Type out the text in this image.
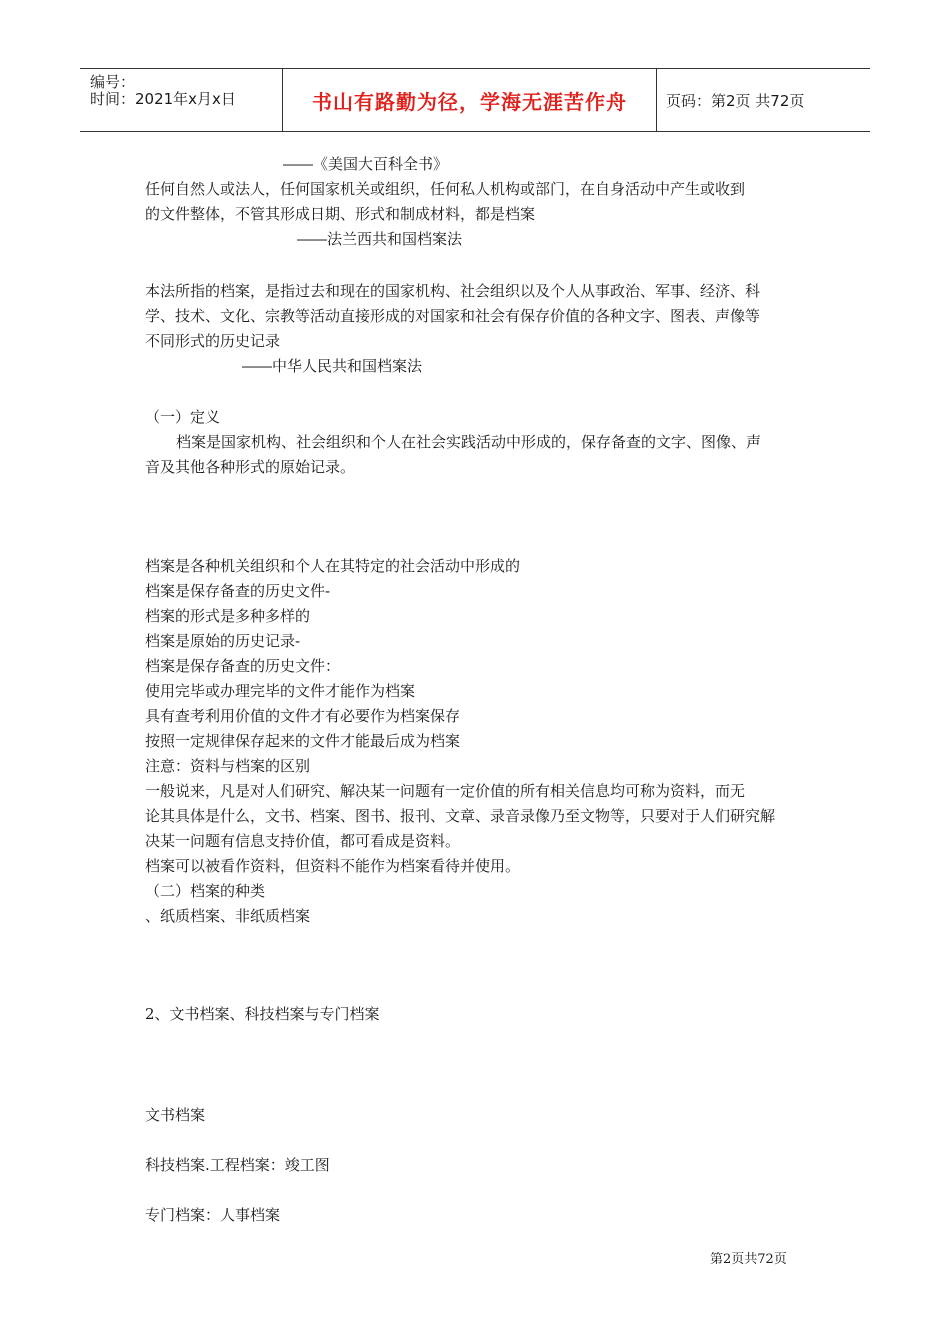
编号：
时间：2021年x月x日	书山有路勤为径，学海无涯苦作舟	页码：第2页 共72页
――《美国大百科全书》
任何自然人或法人，任何国家机关或组织，任何私人机构或部门，在自身活动中产生或收到
的文件整体，不管其形成日期、形式和制成材料，都是档案
――法兰西共和国档案法
本法所指的档案，是指过去和现在的国家机构、社会组织以及个人从事政治、军事、经济、科
学、技术、文化、宗教等活动直接形成的对国家和社会有保存价值的各种文字、图表、声像等
不同形式的历史记录
――中华人民共和国档案法
（一）定义
档案是国家机构、社会组织和个人在社会实践活动中形成的，保存备查的文字、图像、声
音及其他各种形式的原始记录。
档案是各种机关组织和个人在其特定的社会活动中形成的
档案是保存备查的历史文件-
档案的形式是多种多样的
档案是原始的历史记录-
档案是保存备查的历史文件：
使用完毕或办理完毕的文件才能作为档案
具有查考利用价值的文件才有必要作为档案保存
按照一定规律保存起来的文件才能最后成为档案
注意：资料与档案的区别
一般说来，凡是对人们研究、解决某一问题有一定价值的所有相关信息均可称为资料，而无
论其具体是什么，文书、档案、图书、报刊、文章、录音录像乃至文物等，只要对于人们研究解
决某一问题有信息支持价值，都可看成是资料。
档案可以被看作资料，但资料不能作为档案看待并使用。
（二）档案的种类
、纸质档案、非纸质档案
2、文书档案、科技档案与专门档案
文书档案
科技档案.工程档案：竣工图
专门档案：人事档案
第2页共72页
